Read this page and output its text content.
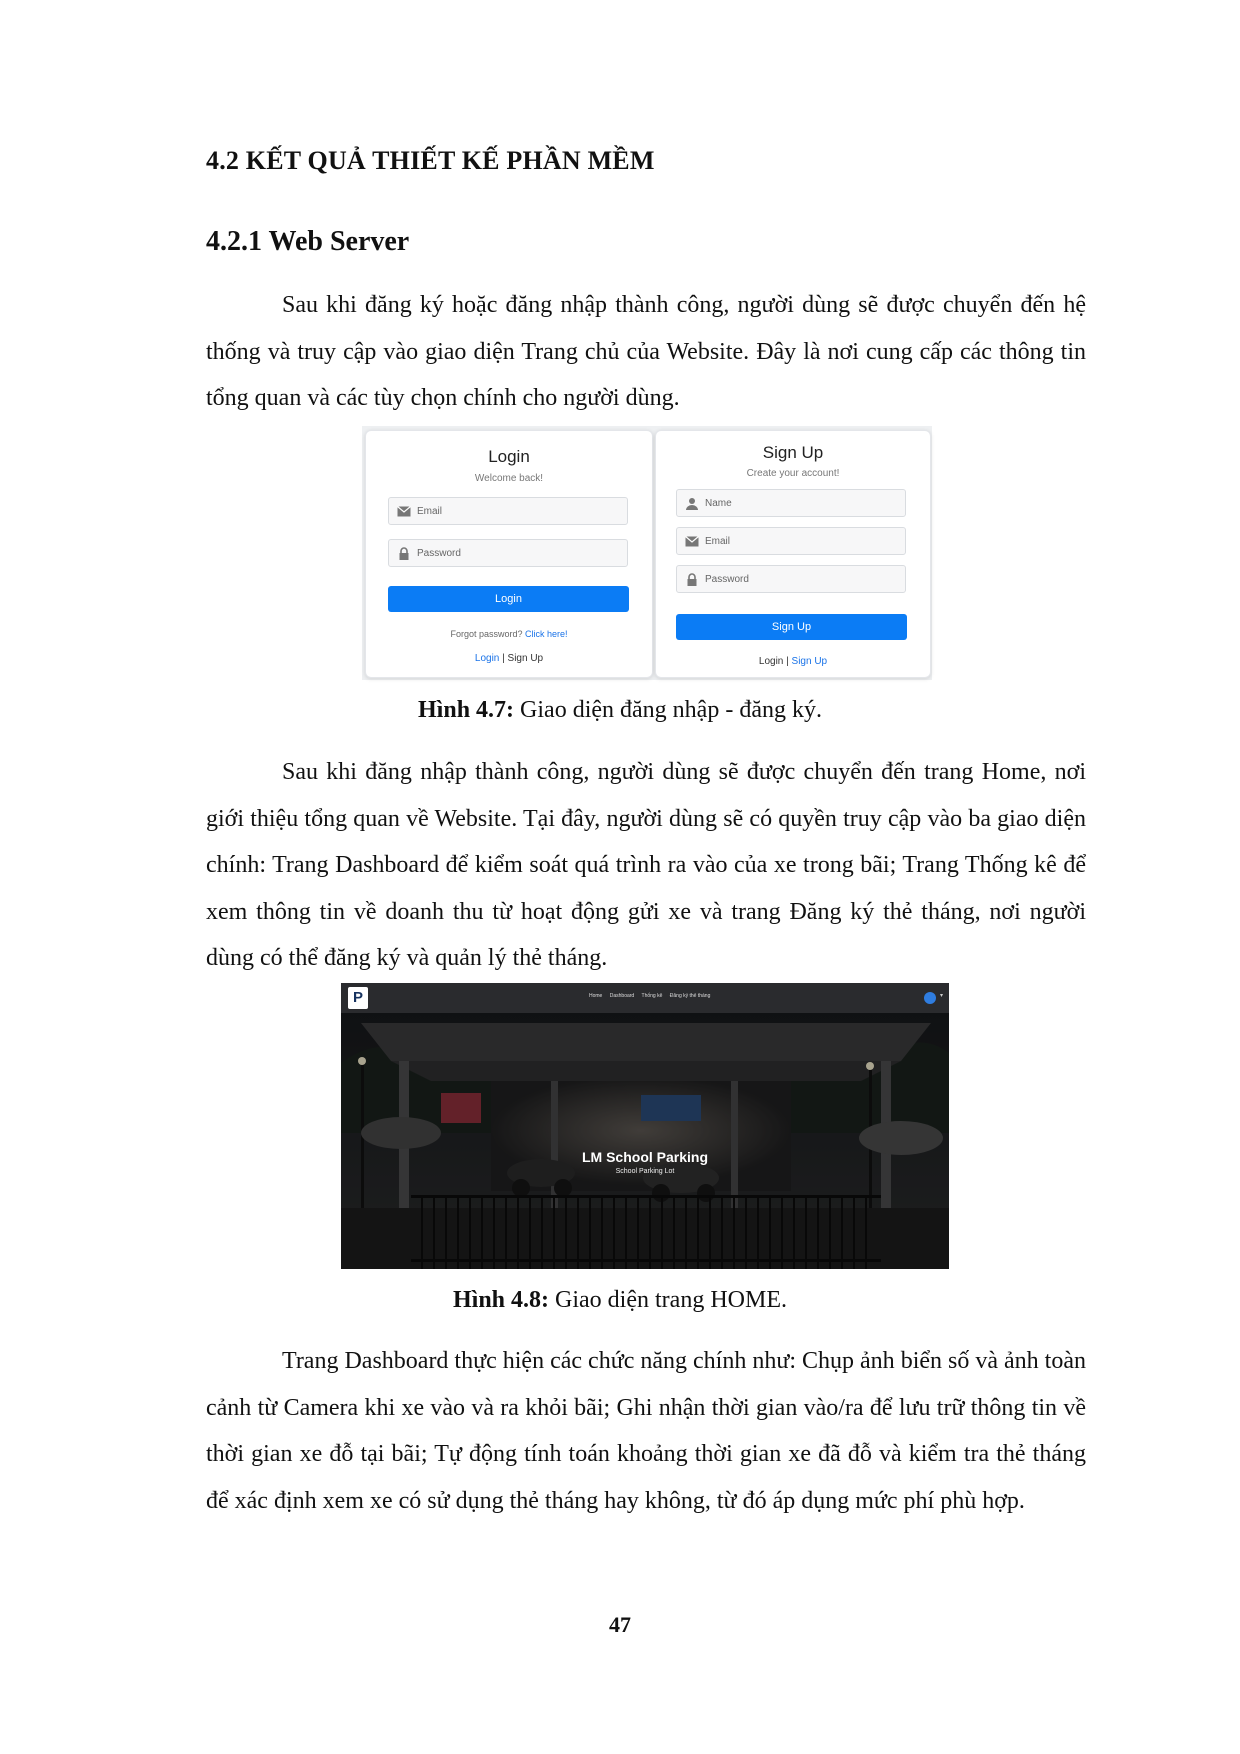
4.2 KẾT QUẢ THIẾT KẾ PHẦN MỀM
4.2.1 Web Server

Sau khi đăng ký hoặc đăng nhập thành công, người dùng sẽ được chuyển đến hệ thống và truy cập vào giao diện Trang chủ của Website. Đây là nơi cung cấp các thông tin tổng quan và các tùy chọn chính cho người dùng.

Login
Welcome back!
Email
Password
Login
Forgot password? Click here!
Login | Sign Up
Sign Up
Create your account!
Name
Email
Password
Sign Up
Login | Sign Up
Hình 4.7: Giao diện đăng nhập - đăng ký.

Sau khi đăng nhập thành công, người dùng sẽ được chuyển đến trang Home, nơi giới thiệu tổng quan về Website. Tại đây, người dùng sẽ có quyền truy cập vào ba giao diện chính: Trang Dashboard để kiểm soát quá trình ra vào của xe trong bãi; Trang Thống kê để xem thông tin về doanh thu từ hoạt động gửi xe và trang Đăng ký thẻ tháng, nơi người dùng có thể đăng ký và quản lý thẻ tháng.

P	Home Dashboard Thống kê Đăng ký thẻ tháng	▾
LM School Parking
School Parking Lot
Hình 4.8: Giao diện trang HOME.

Trang Dashboard thực hiện các chức năng chính như: Chụp ảnh biển số và ảnh toàn cảnh từ Camera khi xe vào và ra khỏi bãi; Ghi nhận thời gian vào/ra để lưu trữ thông tin về thời gian xe đỗ tại bãi; Tự động tính toán khoảng thời gian xe đã đỗ và kiểm tra thẻ tháng để xác định xem xe có sử dụng thẻ tháng hay không, từ đó áp dụng mức phí phù hợp.

47
